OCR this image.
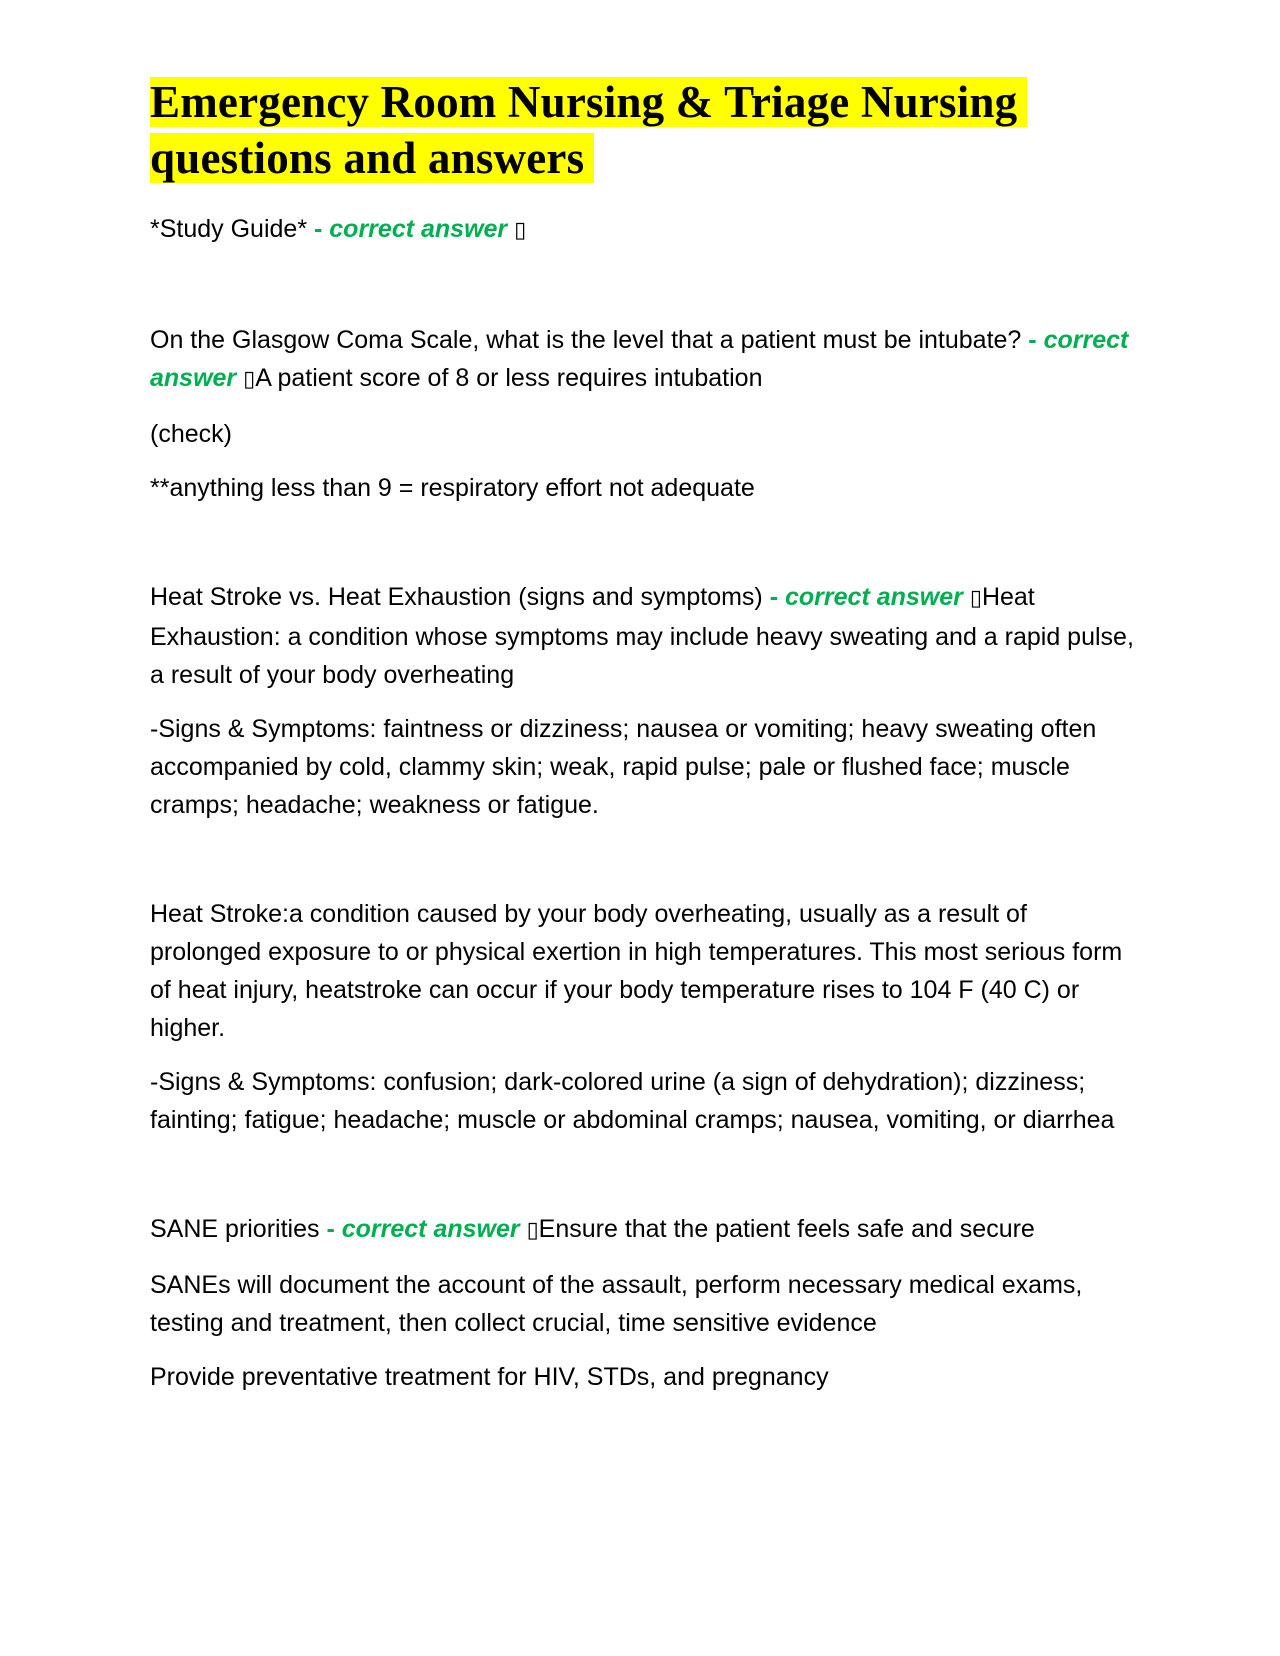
Emergency Room Nursing & Triage Nursing questions and answers

*Study Guide* - correct answer ▯

On the Glasgow Coma Scale, what is the level that a patient must be intubate? - correct answer ▯A patient score of 8 or less requires intubation

(check)

**anything less than 9 = respiratory effort not adequate

Heat Stroke vs. Heat Exhaustion (signs and symptoms) - correct answer ▯Heat Exhaustion: a condition whose symptoms may include heavy sweating and a rapid pulse, a result of your body overheating

-Signs & Symptoms: faintness or dizziness; nausea or vomiting; heavy sweating often accompanied by cold, clammy skin; weak, rapid pulse; pale or flushed face; muscle cramps; headache; weakness or fatigue.

Heat Stroke:a condition caused by your body overheating, usually as a result of prolonged exposure to or physical exertion in high temperatures. This most serious form of heat injury, heatstroke can occur if your body temperature rises to 104 F (40 C) or higher.

-Signs & Symptoms: confusion; dark-colored urine (a sign of dehydration); dizziness; fainting; fatigue; headache; muscle or abdominal cramps; nausea, vomiting, or diarrhea

SANE priorities - correct answer ▯Ensure that the patient feels safe and secure

SANEs will document the account of the assault, perform necessary medical exams, testing and treatment, then collect crucial, time sensitive evidence

Provide preventative treatment for HIV, STDs, and pregnancy
